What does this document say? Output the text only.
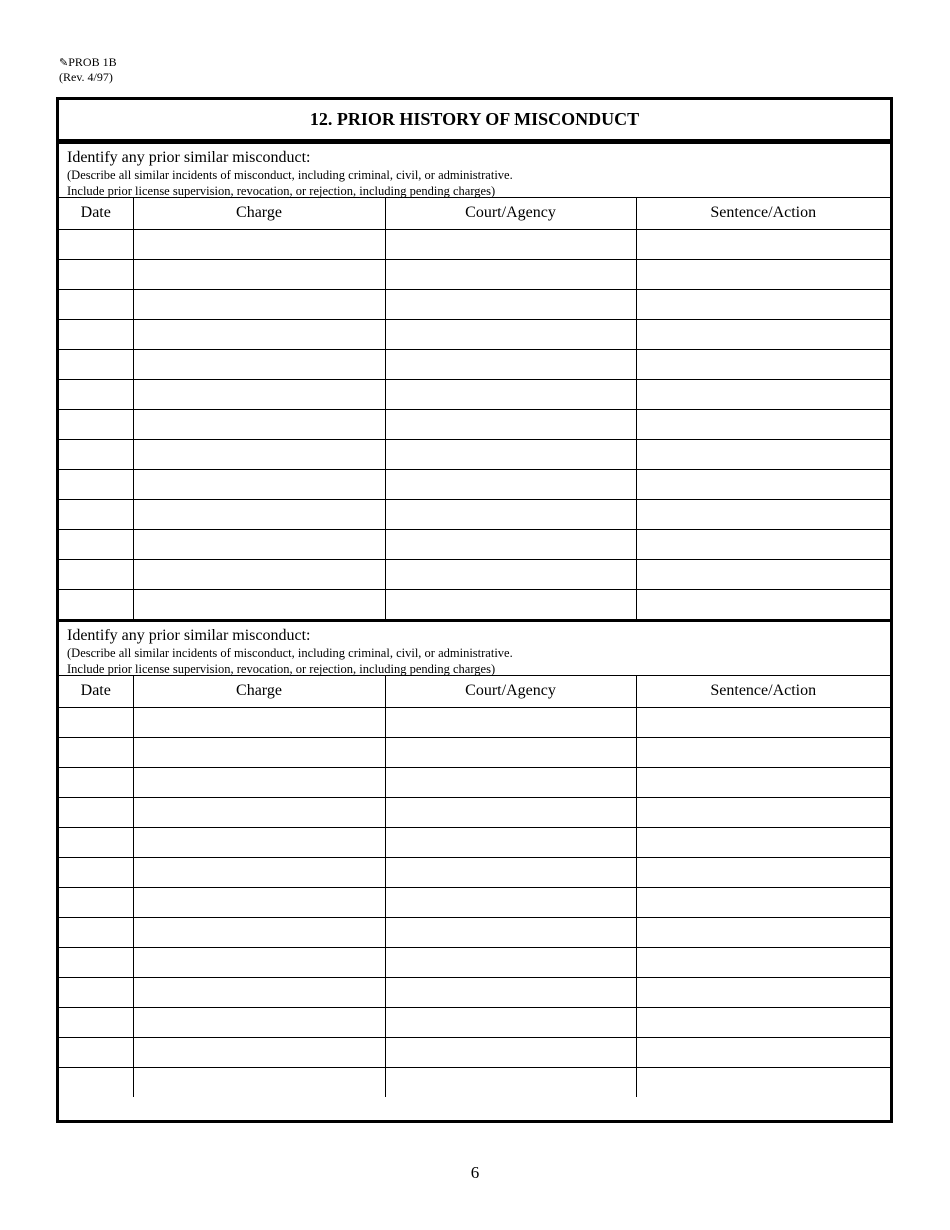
✎PROB 1B
(Rev. 4/97)
12. PRIOR HISTORY OF MISCONDUCT
Identify any prior similar misconduct:
(Describe all similar incidents of misconduct, including criminal, civil, or administrative.
Include prior license supervision, revocation, or rejection, including pending charges)
Date	Charge	Court/Agency	Sentence/Action

Identify any prior similar misconduct:
(Describe all similar incidents of misconduct, including criminal, civil, or administrative.
Include prior license supervision, revocation, or rejection, including pending charges)
Date	Charge	Court/Agency	Sentence/Action

6
